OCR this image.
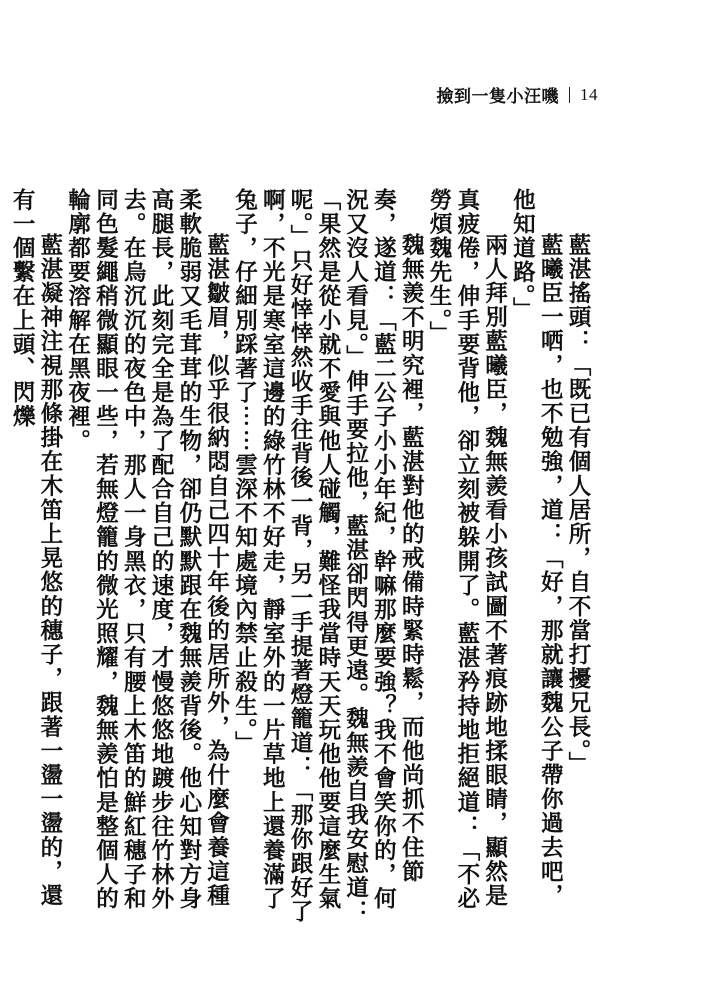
撿到一隻小汪嘰 14

藍湛搖頭：「既已有個人居所，自不當打擾兄長。」

藍曦臣一哂，也不勉強，道：「好，那就讓魏公子帶你過去吧，他知道路。」

兩人拜別藍曦臣，魏無羨看小孩試圖不著痕跡地揉眼睛，顯然是真疲倦，伸手要背他，卻立刻被躲開了。藍湛矜持地拒絕道：「不必勞煩魏先生。」

魏無羨不明究裡，藍湛對他的戒備時緊時鬆，而他尚抓不住節奏，遂道：「藍二公子小小年紀，幹嘛那麼要強？我不會笑你的，何況又沒人看見。」伸手要拉他，藍湛卻閃得更遠。魏無羨自我安慰道：「果然是從小就不愛與他人碰觸，難怪我當時天天玩他他要這麼生氣呢。」只好悻悻然收手往背後一背，另一手提著燈籠道：「那你跟好了啊，不光是寒室這邊的綠竹林不好走，靜室外的一片草地上還養滿了兔子，仔細別踩著了⋯⋯雲深不知處境內禁止殺生。」

藍湛皺眉，似乎很納悶自己四十年後的居所外，為什麼會養這種柔軟脆弱又毛茸茸的生物，卻仍默默跟在魏無羨背後。他心知對方身高腿長，此刻完全是為了配合自己的速度，才慢悠悠地踱步往竹林外去。在烏沉沉的夜色中，那人一身黑衣，只有腰上木笛的鮮紅穗子和同色髮繩稍微顯眼一些，若無燈籠的微光照耀，魏無羨怕是整個人的輪廓都要溶解在黑夜裡。

藍湛凝神注視那條掛在木笛上晃悠的穗子，跟著一盪一盪的，還有一個繫在上頭、閃爍
